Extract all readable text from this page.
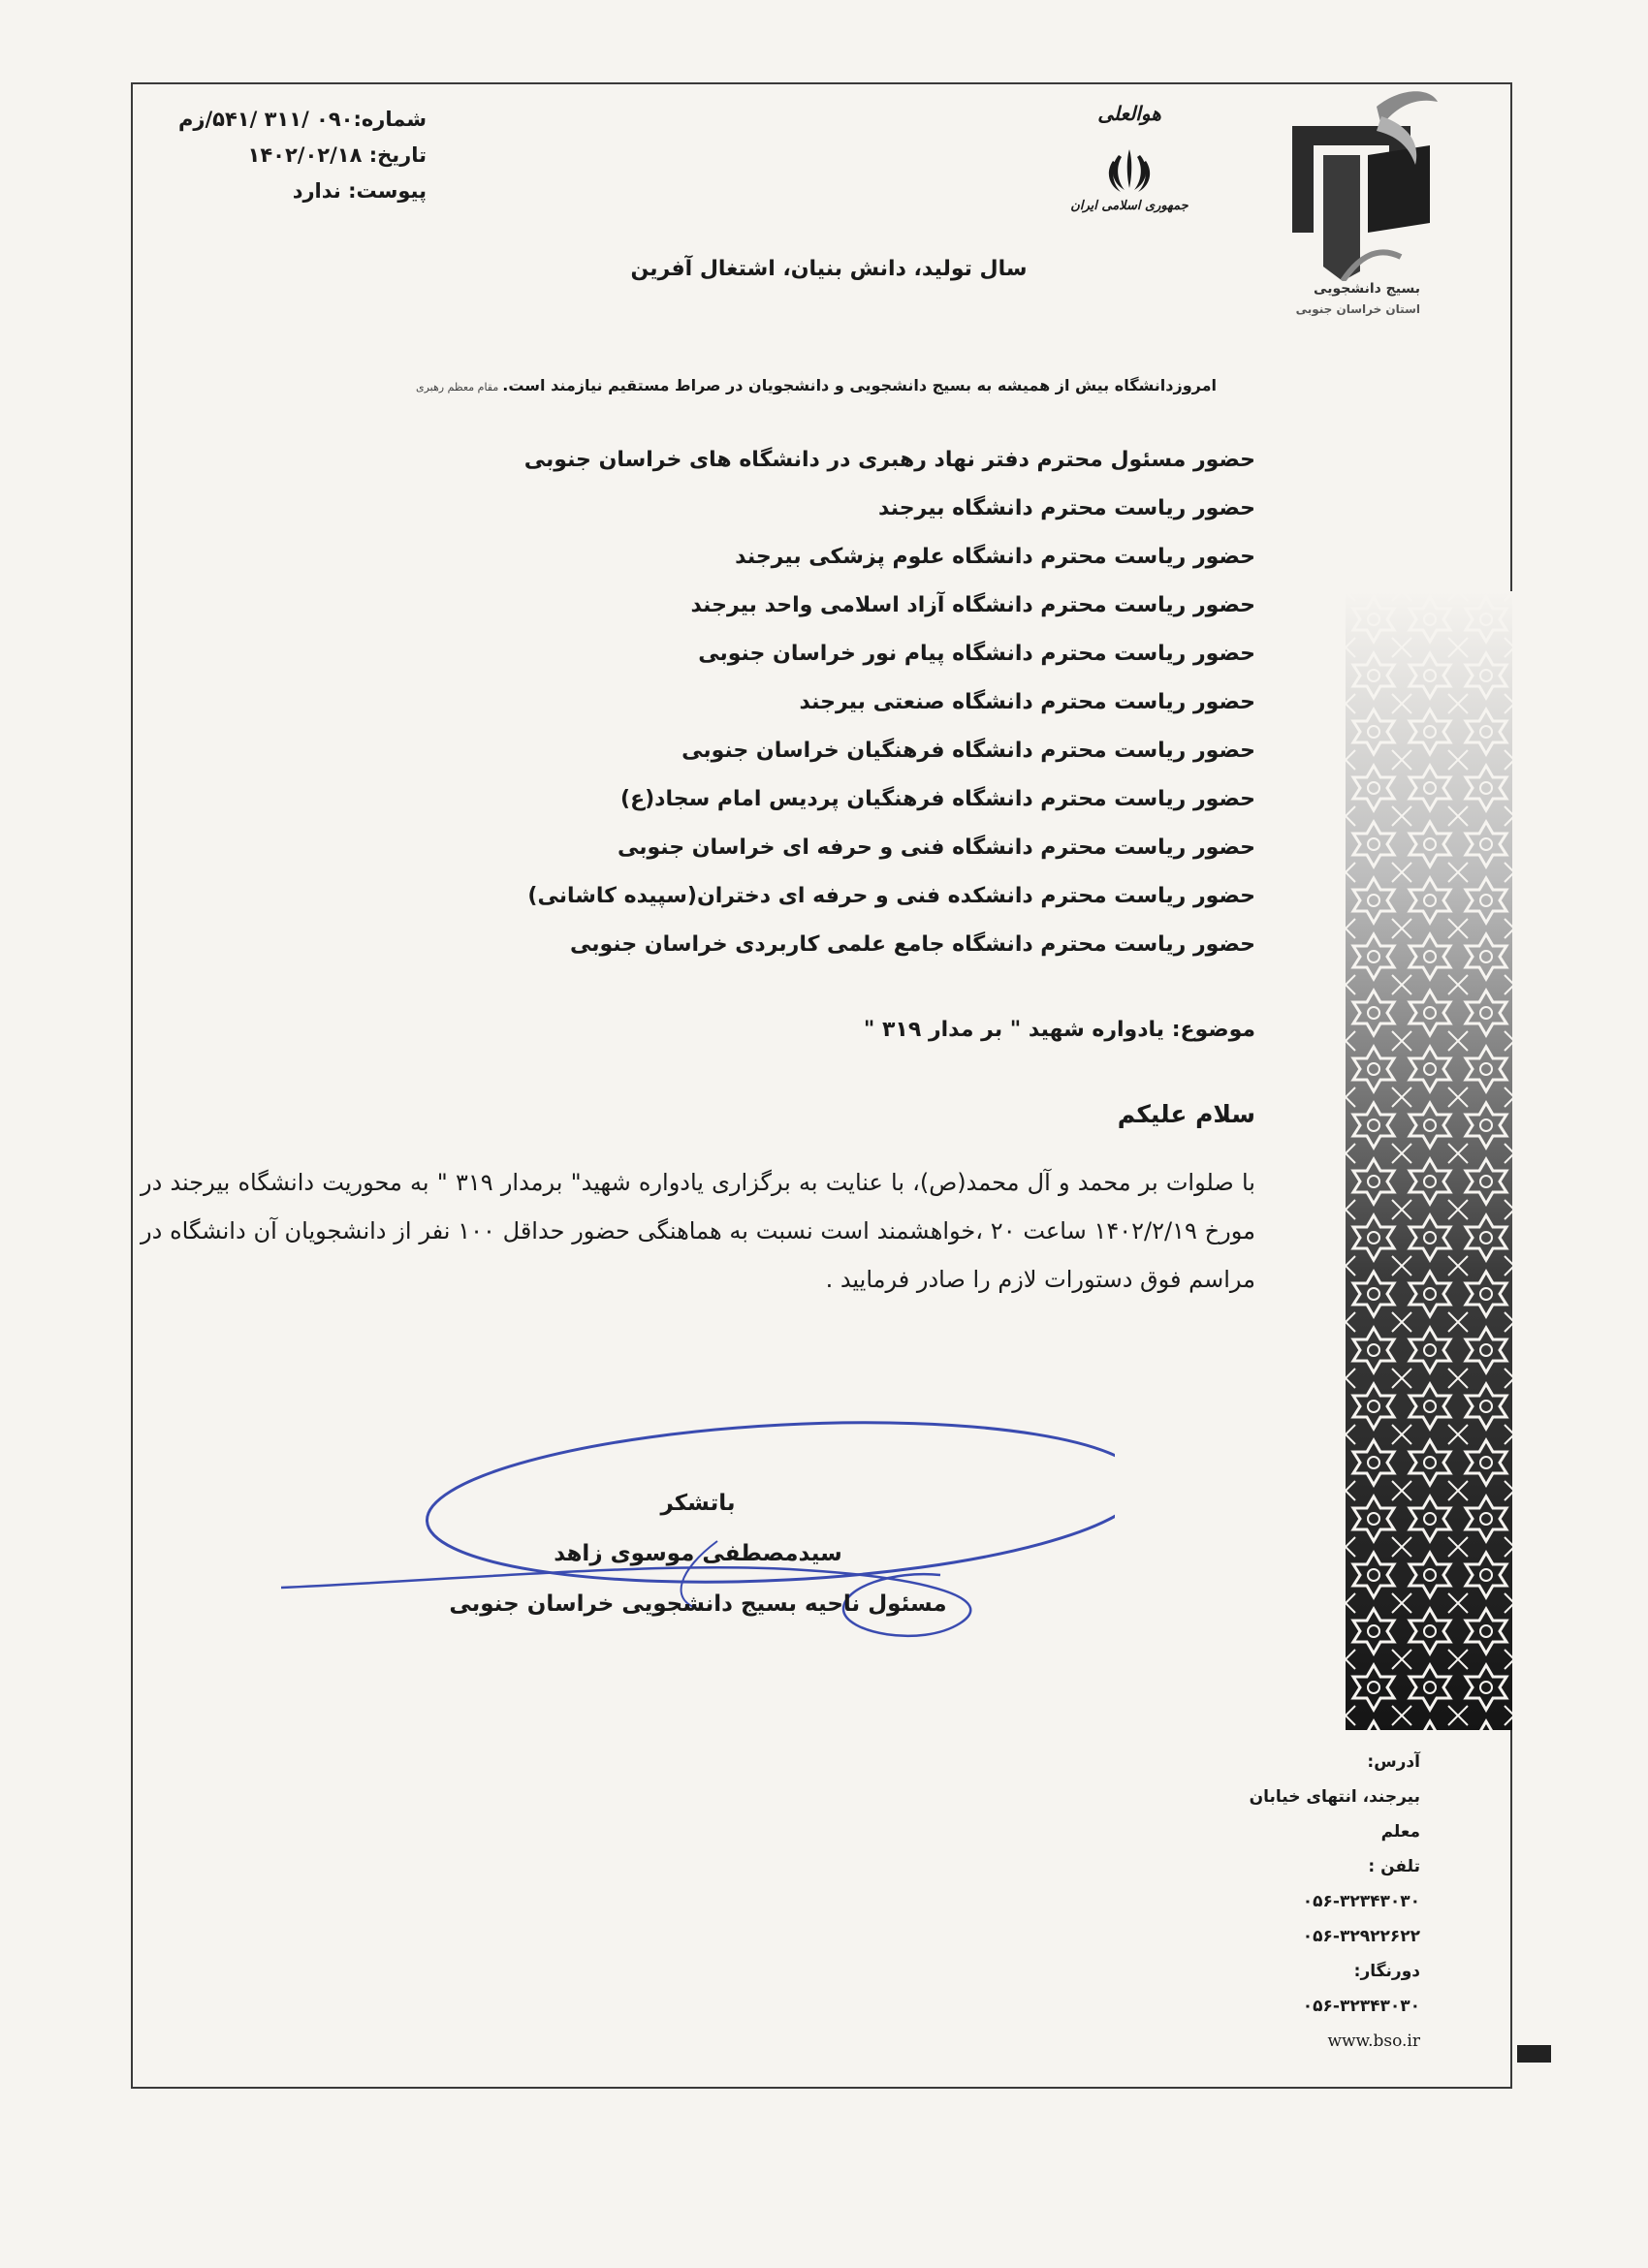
شماره:۰۹۰ /۳۱۱ /۵۴۱/زم
تاریخ: ۱۴۰۲/۰۲/۱۸
پیوست: ندارد
هوالعلی
جمهوری اسلامی ایران
بسیج دانشجویی
استان خراسان جنوبی
سال تولید، دانش بنیان، اشتغال آفرین
امروزدانشگاه بیش از همیشه به بسیج دانشجویی و دانشجویان در صراط مستقیم نیازمند است.مقام معظم رهبری
حضور مسئول محترم دفتر نهاد رهبری در دانشگاه های خراسان جنوبی
حضور ریاست محترم دانشگاه بیرجند
حضور ریاست محترم دانشگاه علوم پزشکی بیرجند
حضور ریاست محترم دانشگاه آزاد اسلامی واحد بیرجند
حضور ریاست محترم دانشگاه پیام نور خراسان جنوبی
حضور ریاست محترم دانشگاه صنعتی بیرجند
حضور ریاست محترم دانشگاه فرهنگیان خراسان جنوبی
حضور ریاست محترم دانشگاه فرهنگیان پردیس امام سجاد(ع)
حضور ریاست محترم دانشگاه فنی و حرفه ای خراسان جنوبی
حضور ریاست محترم دانشکده فنی و حرفه ای دختران(سپیده کاشانی)
حضور ریاست محترم دانشگاه جامع علمی کاربردی خراسان جنوبی
موضوع: یادواره شهید " بر مدار ۳۱۹ "
سلام علیکم
با صلوات بر محمد و آل محمد(ص)، با عنایت به برگزاری یادواره شهید" برمدار ۳۱۹ " به محوریت دانشگاه بیرجند در مورخ ۱۴۰۲/۲/۱۹ ساعت ۲۰ ،خواهشمند است نسبت به هماهنگی حضور حداقل ۱۰۰ نفر از دانشجویان آن دانشگاه در مراسم فوق دستورات لازم را صادر فرمایید .
باتشکر
سیدمصطفی موسوی زاهد
مسئول ناحیه بسیج دانشجویی خراسان جنوبی
آدرس:
بیرجند، انتهای خیابان
معلم
تلفن :
۰۵۶-۳۲۳۴۳۰۳۰
۰۵۶-۳۲۹۲۲۶۲۲
دورنگار:
۰۵۶-۳۲۳۴۳۰۳۰
www.bso.ir
